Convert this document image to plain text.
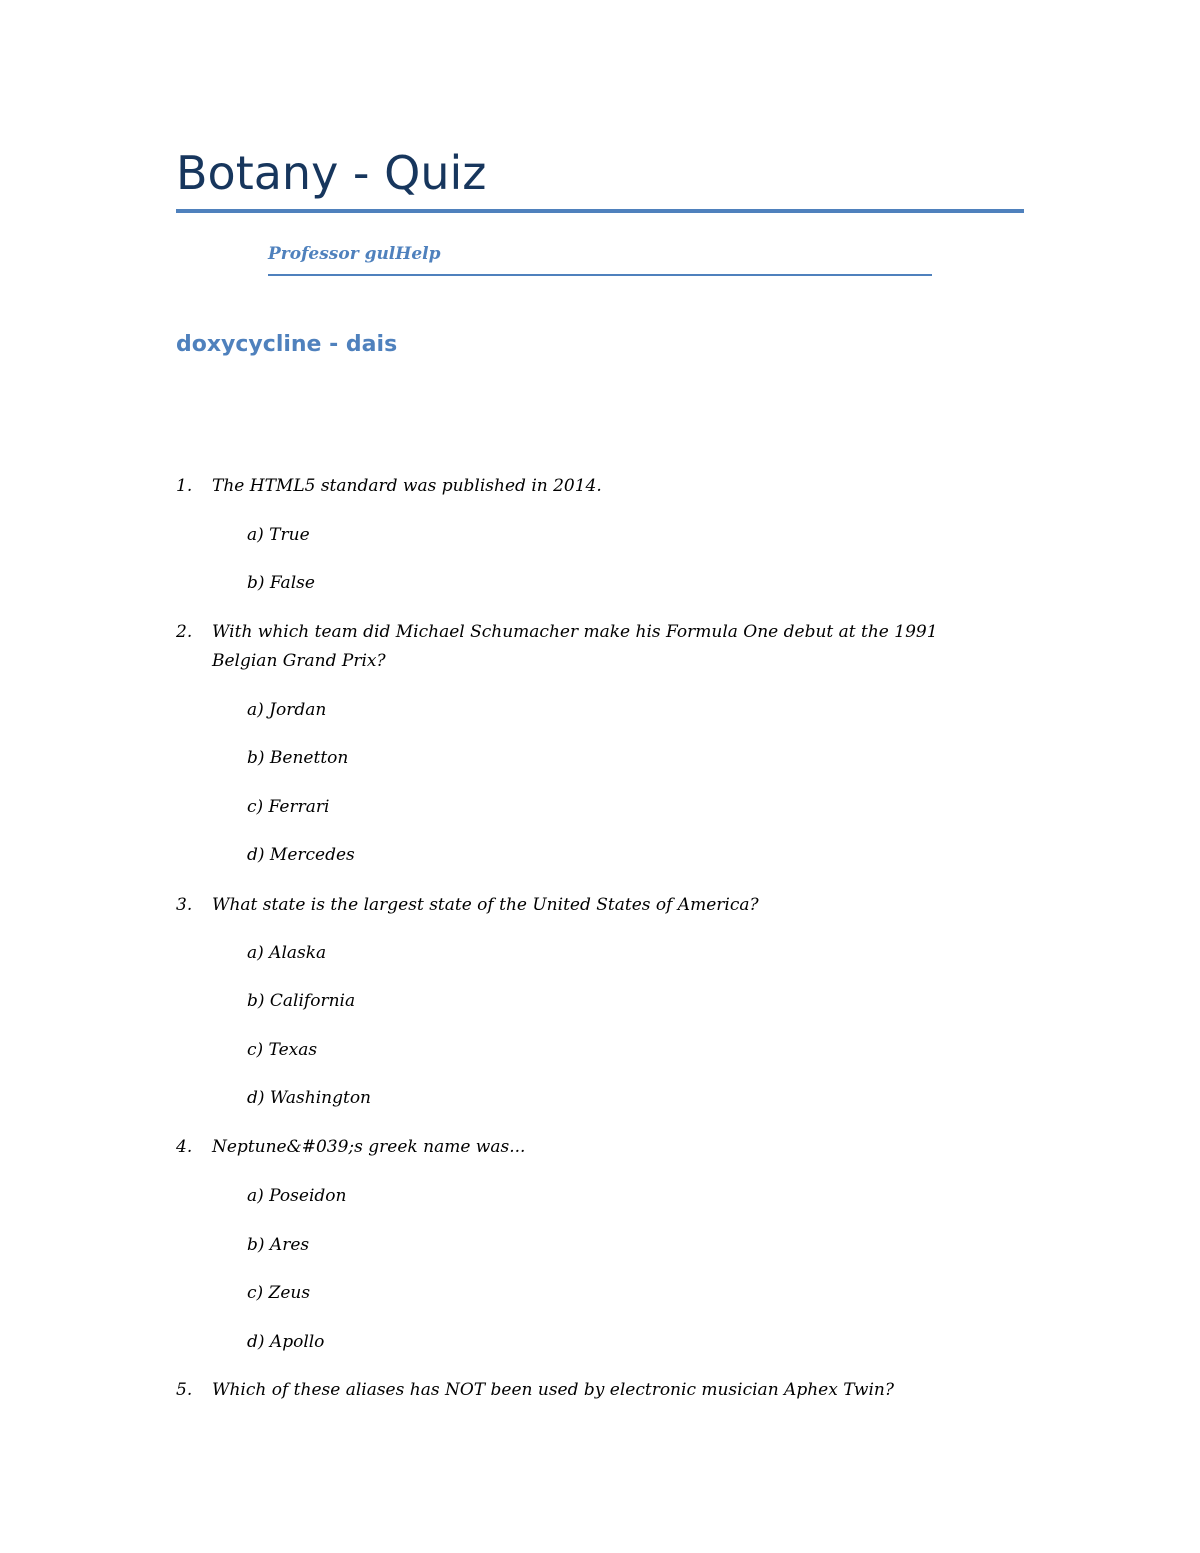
Botany - Quiz
Professor gulHelp
doxycycline - dais
1. The HTML5 standard was published in 2014.
a) True
b) False
2. With which team did Michael Schumacher make his Formula One debut at the 1991
Belgian Grand Prix?
a) Jordan
b) Benetton
c) Ferrari
d) Mercedes
3. What state is the largest state of the United States of America?
a) Alaska
b) California
c) Texas
d) Washington
4. Neptune&#039;s greek name was...
a) Poseidon
b) Ares
c) Zeus
d) Apollo
5. Which of these aliases has NOT been used by electronic musician Aphex Twin?
